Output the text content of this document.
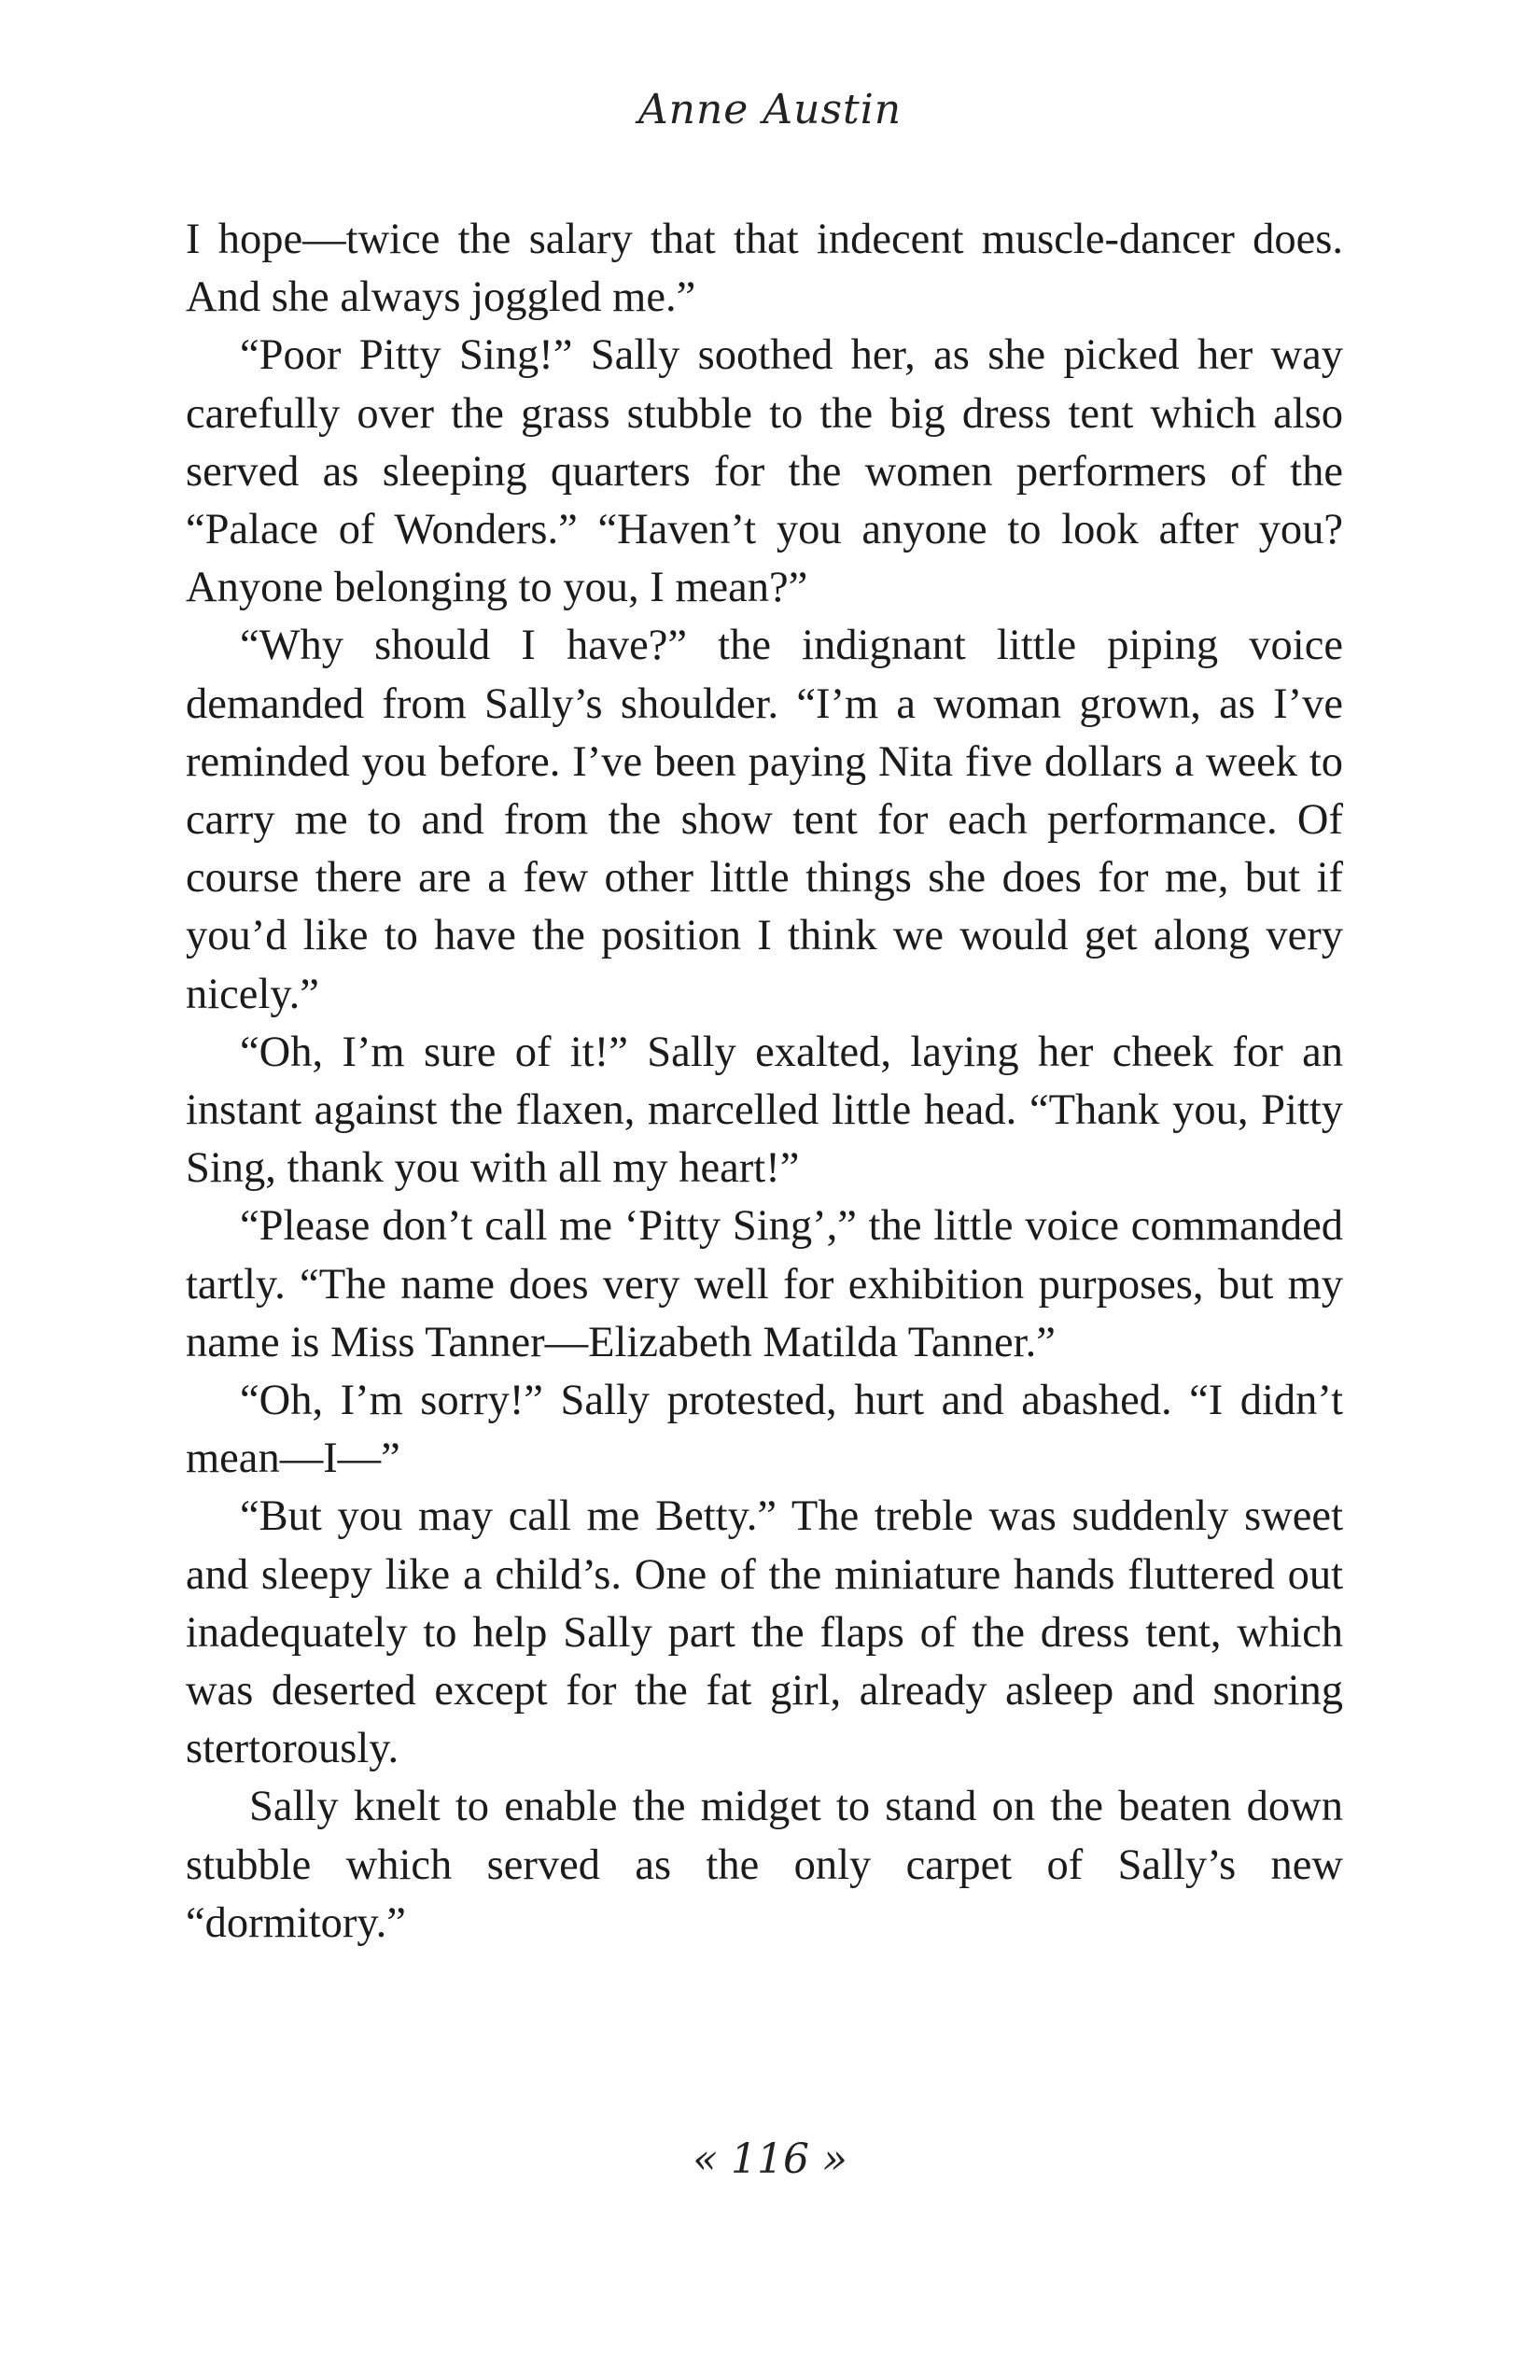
Anne Austin

I hope—twice the salary that that indecent muscle-dancer does. And she always joggled me.”

“Poor Pitty Sing!” Sally soothed her, as she picked her way carefully over the grass stubble to the big dress tent which also served as sleeping quarters for the women performers of the “Palace of Wonders.” “Haven’t you anyone to look after you? Anyone belonging to you, I mean?”

“Why should I have?” the indignant little piping voice demanded from Sally’s shoulder. “I’m a woman grown, as I’ve reminded you before. I’ve been paying Nita five dollars a week to carry me to and from the show tent for each performance. Of course there are a few other little things she does for me, but if you’d like to have the position I think we would get along very nicely.”

“Oh, I’m sure of it!” Sally exalted, laying her cheek for an instant against the flaxen, marcelled little head. “Thank you, Pitty Sing, thank you with all my heart!”

“Please don’t call me ‘Pitty Sing’,” the little voice commanded tartly. “The name does very well for exhibition purposes, but my name is Miss Tanner—Elizabeth Matilda Tanner.”

“Oh, I’m sorry!” Sally protested, hurt and abashed. “I didn’t mean—I—”

“But you may call me Betty.” The treble was suddenly sweet and sleepy like a child’s. One of the miniature hands fluttered out inadequately to help Sally part the flaps of the dress tent, which was deserted except for the fat girl, already asleep and snoring stertorously.

Sally knelt to enable the midget to stand on the beaten down stubble which served as the only carpet of Sally’s new “dormitory.”

« 116 »
